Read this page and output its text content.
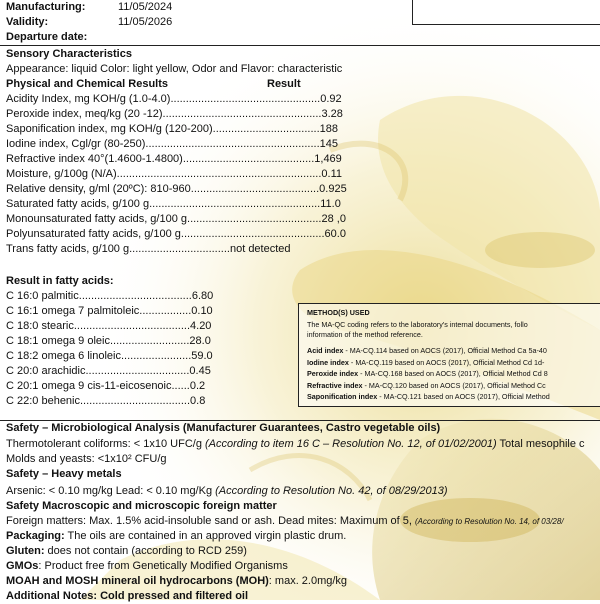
Manufacturing:	11/05/2024
Validity:	11/05/2026
Departure date:
Sensory Characteristics
Appearance: liquid Color: light yellow, Odor and Flavor: characteristic
Physical and Chemical Results	Result
Acidity Index, mg KOH/g (1.0-4.0).................................................0.92
Peroxide index, meq/kg (20 -12)....................................................3.28
Saponification index, mg KOH/g (120-200)...................................188
Iodine index, Cgl/gr (80-250).........................................................145
Refractive index 40°(1.4600-1.4800)...........................................1,469
Moisture, g/100g (N/A)...................................................................0.11
Relative density, g/ml (20ºC): 810-960..........................................0.925
Saturated fatty acids, g/100 g........................................................11.0
Monounsaturated fatty acids, g/100 g............................................28 ,0
Polyunsaturated fatty acids, g/100 g...............................................60.0
Trans fatty acids, g/100 g.................................not detected
Result in fatty acids:
C 16:0 palmitic.....................................6.80
C 16:1 omega 7 palmitoleic.................0.10
C 18:0 stearic......................................4.20
C 18:1 omega 9 oleic..........................28.0
C 18:2 omega 6 linoleic.......................59.0
C 20:0 arachidic..................................0.45
C 20:1 omega 9 cis-11-eicosenoic......0.2
C 22:0 behenic....................................0.8
METHOD(S) USED
The MA-QC coding refers to the laboratory's internal documents, follo
information of the method reference.
Acid index - MA-CQ.114 based on AOCS (2017), Official Method Ca 5a-40
Iodine index - MA-CQ.119 based on AOCS (2017), Official Method Cd 1d-
Peroxide index - MA-CQ.168 based on AOCS (2017), Official Method Cd 8
Refractive index - MA-CQ.120 based on AOCS (2017), Official Method Cc
Saponification index - MA-CQ.121 based on AOCS (2017), Official Method
Safety – Microbiological Analysis (Manufacturer Guarantees, Castro vegetable oils)
Thermotolerant coliforms: < 1x10 UFC/g (According to item 16 C – Resolution No. 12, of 01/02/2001) Total mesophile c
Molds and yeasts: <1x10² CFU/g
Safety – Heavy metals
Arsenic: < 0.10 mg/kg Lead: < 0.10 mg/Kg (According to Resolution No. 42, of 08/29/2013)
Safety Macroscopic and microscopic foreign matter
Foreign matters: Max. 1.5% acid-insoluble sand or ash. Dead mites: Maximum of 5, (According to Resolution No. 14, of 03/28/
Packaging: The oils are contained in an approved virgin plastic drum.
Gluten: does not contain (according to RCD 259)
GMOs: Product free from Genetically Modified Organisms
MOAH and MOSH mineral oil hydrocarbons (MOH): max. 2.0mg/kg
Additional Notes: Cold pressed and filtered oil
